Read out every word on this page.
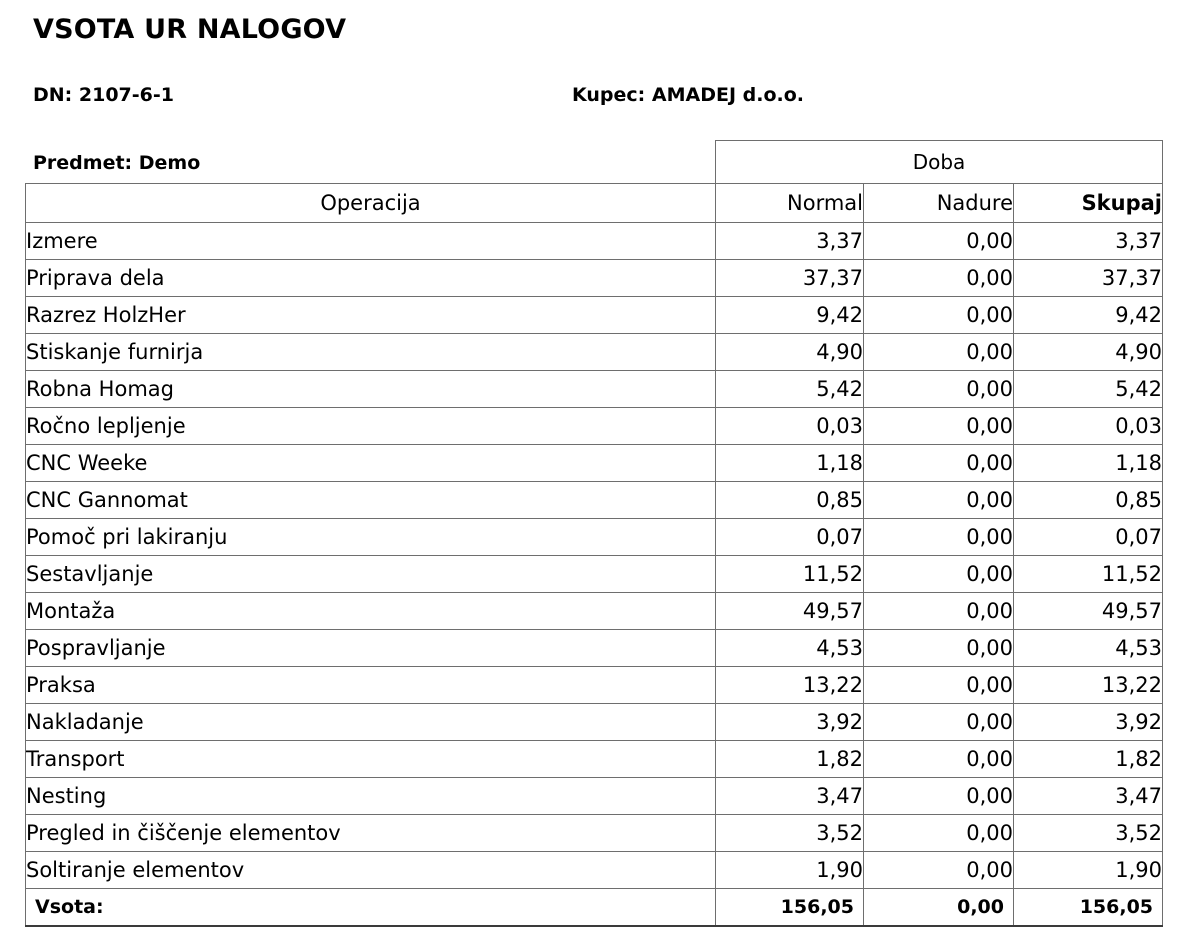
VSOTA UR NALOGOV
DN: 2107-6-1	Kupec: AMADEJ d.o.o.
Predmet: Demo
		Doba		
Operacija	Normal	Nadure	Skupaj
Izmere	3,37	0,00	3,37
Priprava dela	37,37	0,00	37,37
Razrez HolzHer	9,42	0,00	9,42
Stiskanje furnirja	4,90	0,00	4,90
Robna Homag	5,42	0,00	5,42
Ročno lepljenje	0,03	0,00	0,03
CNC Weeke	1,18	0,00	1,18
CNC Gannomat	0,85	0,00	0,85
Pomoč pri lakiranju	0,07	0,00	0,07
Sestavljanje	11,52	0,00	11,52
Montaža	49,57	0,00	49,57
Pospravljanje	4,53	0,00	4,53
Praksa	13,22	0,00	13,22
Nakladanje	3,92	0,00	3,92
Transport	1,82	0,00	1,82
Nesting	3,47	0,00	3,47
Pregled in čiščenje elementov	3,52	0,00	3,52
Soltiranje elementov	1,90	0,00	1,90
Vsota:	156,05	0,00	156,05
